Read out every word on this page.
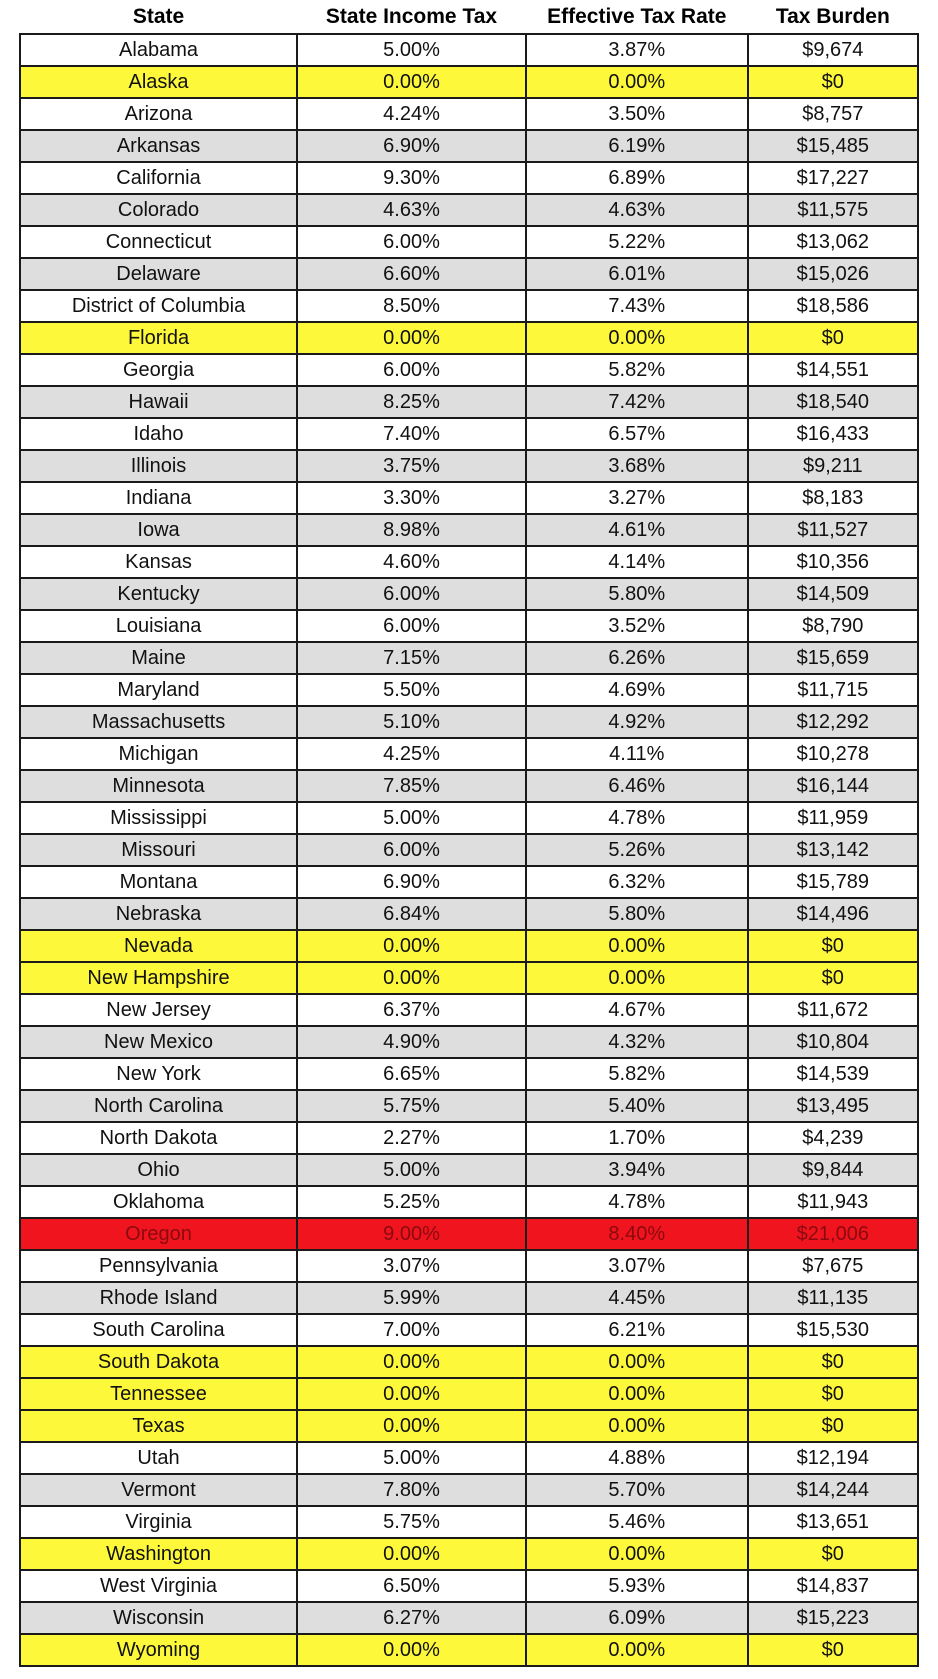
State	State Income Tax	Effective Tax Rate	Tax Burden
Alabama	5.00%	3.87%	$9,674
Alaska	0.00%	0.00%	$0
Arizona	4.24%	3.50%	$8,757
Arkansas	6.90%	6.19%	$15,485
California	9.30%	6.89%	$17,227
Colorado	4.63%	4.63%	$11,575
Connecticut	6.00%	5.22%	$13,062
Delaware	6.60%	6.01%	$15,026
District of Columbia	8.50%	7.43%	$18,586
Florida	0.00%	0.00%	$0
Georgia	6.00%	5.82%	$14,551
Hawaii	8.25%	7.42%	$18,540
Idaho	7.40%	6.57%	$16,433
Illinois	3.75%	3.68%	$9,211
Indiana	3.30%	3.27%	$8,183
Iowa	8.98%	4.61%	$11,527
Kansas	4.60%	4.14%	$10,356
Kentucky	6.00%	5.80%	$14,509
Louisiana	6.00%	3.52%	$8,790
Maine	7.15%	6.26%	$15,659
Maryland	5.50%	4.69%	$11,715
Massachusetts	5.10%	4.92%	$12,292
Michigan	4.25%	4.11%	$10,278
Minnesota	7.85%	6.46%	$16,144
Mississippi	5.00%	4.78%	$11,959
Missouri	6.00%	5.26%	$13,142
Montana	6.90%	6.32%	$15,789
Nebraska	6.84%	5.80%	$14,496
Nevada	0.00%	0.00%	$0
New Hampshire	0.00%	0.00%	$0
New Jersey	6.37%	4.67%	$11,672
New Mexico	4.90%	4.32%	$10,804
New York	6.65%	5.82%	$14,539
North Carolina	5.75%	5.40%	$13,495
North Dakota	2.27%	1.70%	$4,239
Ohio	5.00%	3.94%	$9,844
Oklahoma	5.25%	4.78%	$11,943
Oregon	9.00%	8.40%	$21,006
Pennsylvania	3.07%	3.07%	$7,675
Rhode Island	5.99%	4.45%	$11,135
South Carolina	7.00%	6.21%	$15,530
South Dakota	0.00%	0.00%	$0
Tennessee	0.00%	0.00%	$0
Texas	0.00%	0.00%	$0
Utah	5.00%	4.88%	$12,194
Vermont	7.80%	5.70%	$14,244
Virginia	5.75%	5.46%	$13,651
Washington	0.00%	0.00%	$0
West Virginia	6.50%	5.93%	$14,837
Wisconsin	6.27%	6.09%	$15,223
Wyoming	0.00%	0.00%	$0
